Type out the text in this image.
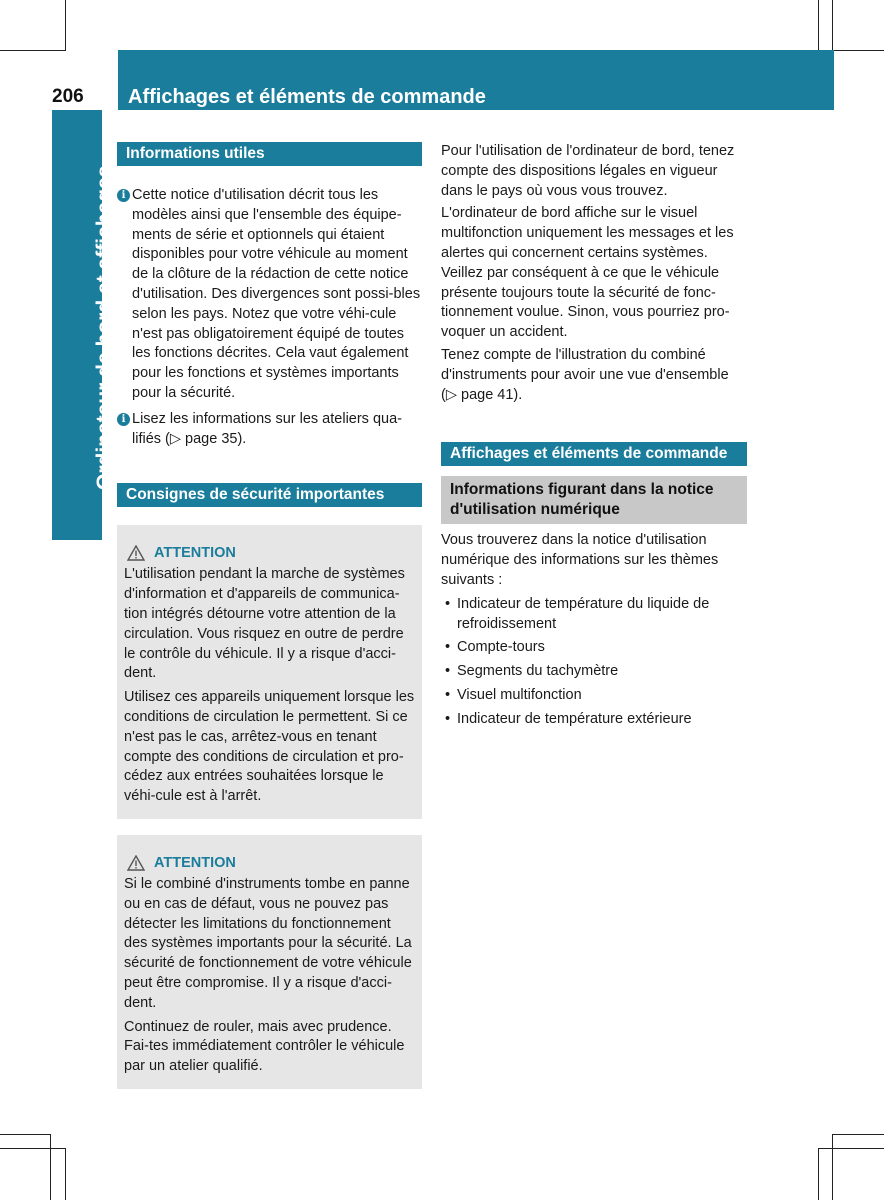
206	Affichages et éléments de commande
Ordinateur de bord et affichages
Informations utiles
i Cette notice d'utilisation décrit tous les modèles ainsi que l'ensemble des équipe-ments de série et optionnels qui étaient disponibles pour votre véhicule au moment de la clôture de la rédaction de cette notice d'utilisation. Des divergences sont possi-bles selon les pays. Notez que votre véhi-cule n'est pas obligatoirement équipé de toutes les fonctions décrites. Cela vaut également pour les fonctions et systèmes importants pour la sécurité.
i Lisez les informations sur les ateliers qua-lifiés (▷ page 35).
Consignes de sécurité importantes
ATTENTION

L'utilisation pendant la marche de systèmes d'information et d'appareils de communica-tion intégrés détourne votre attention de la circulation. Vous risquez en outre de perdre le contrôle du véhicule. Il y a risque d'acci-dent.

Utilisez ces appareils uniquement lorsque les conditions de circulation le permettent. Si ce n'est pas le cas, arrêtez-vous en tenant compte des conditions de circulation et pro-cédez aux entrées souhaitées lorsque le véhi-cule est à l'arrêt.

ATTENTION

Si le combiné d'instruments tombe en panne ou en cas de défaut, vous ne pouvez pas détecter les limitations du fonctionnement des systèmes importants pour la sécurité. La sécurité de fonctionnement de votre véhicule peut être compromise. Il y a risque d'acci-dent.

Continuez de rouler, mais avec prudence. Fai-tes immédiatement contrôler le véhicule par un atelier qualifié.

Pour l'utilisation de l'ordinateur de bord, tenez compte des dispositions légales en vigueur dans le pays où vous vous trouvez.

L'ordinateur de bord affiche sur le visuel multifonction uniquement les messages et les alertes qui concernent certains systèmes. Veillez par conséquent à ce que le véhicule présente toujours toute la sécurité de fonc-tionnement voulue. Sinon, vous pourriez pro-voquer un accident.

Tenez compte de l'illustration du combiné d'instruments pour avoir une vue d'ensemble (▷ page 41).

Affichages et éléments de commande
Informations figurant dans la notice d'utilisation numérique

Vous trouverez dans la notice d'utilisation numérique des informations sur les thèmes suivants :

• Indicateur de température du liquide de refroidissement
• Compte-tours
• Segments du tachymètre
• Visuel multifonction
• Indicateur de température extérieure
